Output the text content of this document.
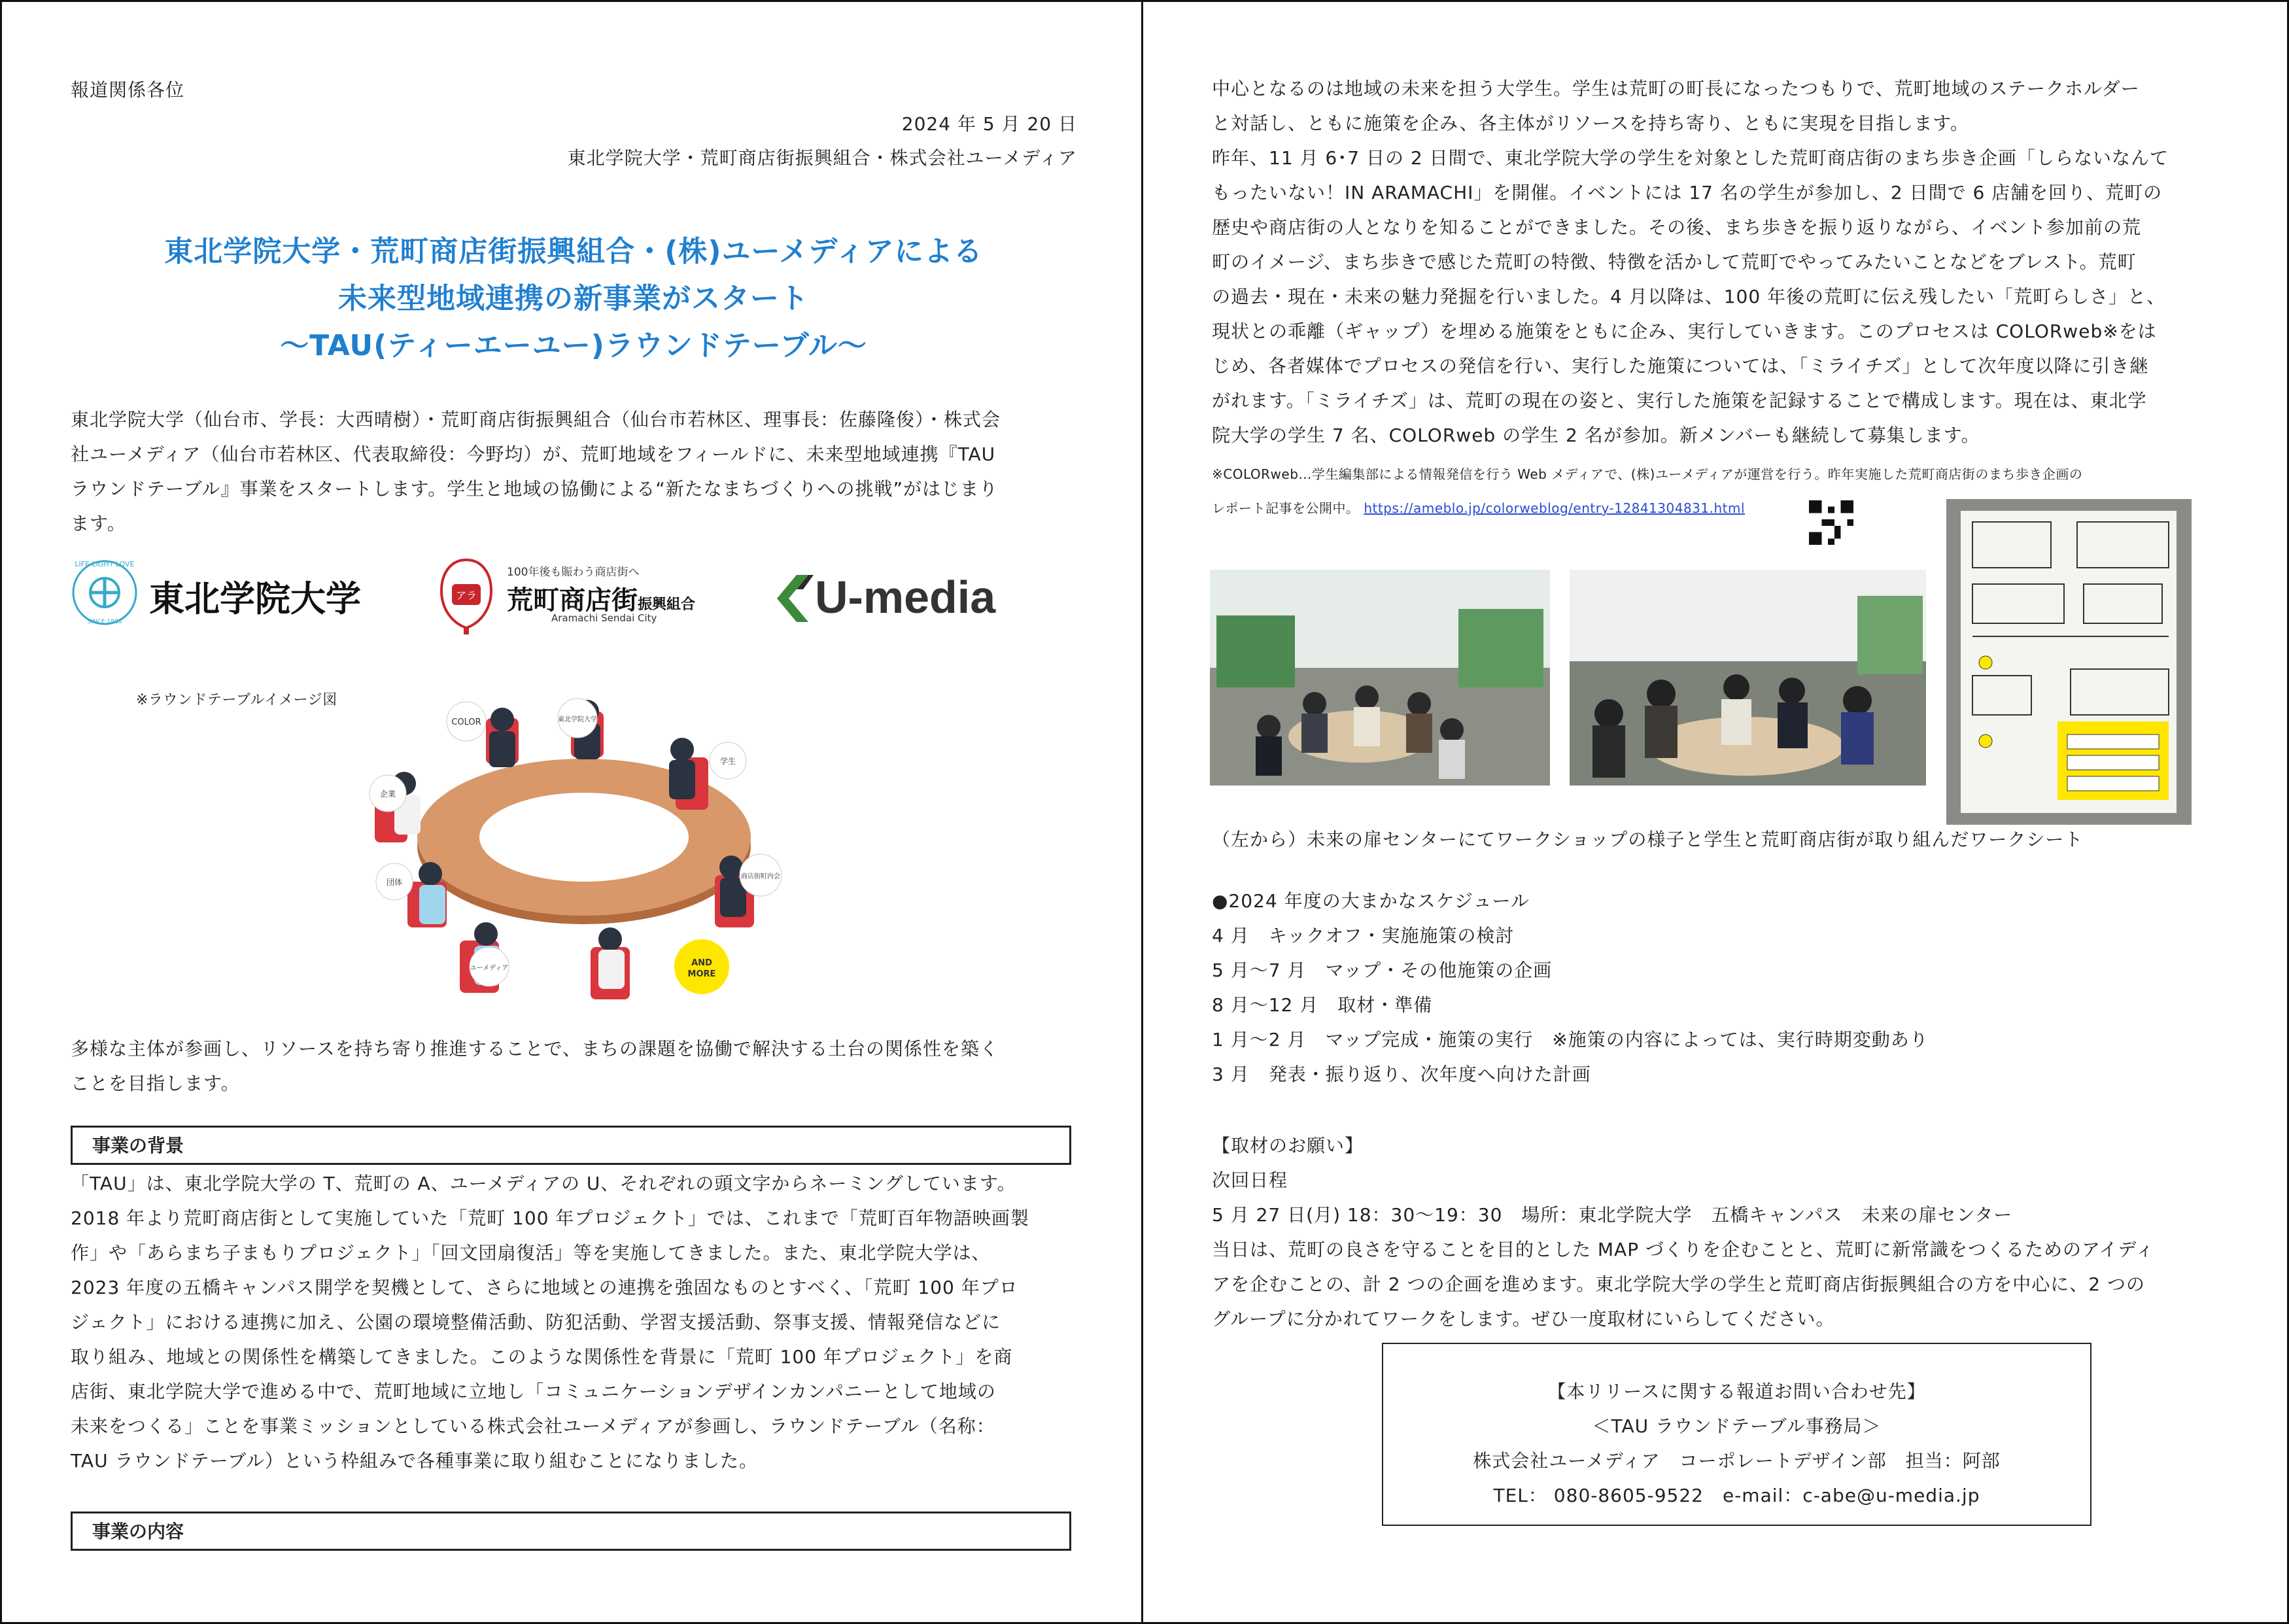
報道関係各位
2024 年 5 月 20 日
東北学院大学・荒町商店街振興組合・株式会社ユーメディア
東北学院大学・荒町商店街振興組合・(株)ユーメディアによる
未来型地域連携の新事業がスタート
〜TAU(ティーエーユー)ラウンドテーブル〜
東北学院大学（仙台市、学長：大西晴樹）・荒町商店街振興組合（仙台市若林区、理事長：佐藤隆俊）・株式会
社ユーメディア（仙台市若林区、代表取締役：今野均）が、荒町地域をフィールドに、未来型地域連携『TAU
ラウンドテーブル』事業をスタートします。学生と地域の協働による“新たなまちづくりへの挑戦”がはじまり
ます。
LIFE LIGHT LOVE
SINCE 1886
東北学院大学	アラ
100年後も賑わう商店街へ
荒町商店街振興組合
Aramachi Sendai City	U-media
※ラウンドテーブルイメージ図
COLOR	東北学院大学
学生
企業
団体
商店街町内会
ユーメディア
AND
MORE
多様な主体が参画し、リソースを持ち寄り推進することで、まちの課題を協働で解決する土台の関係性を築く
ことを目指します。
事業の背景
「TAU」は、東北学院大学の T、荒町の A、ユーメディアの U、それぞれの頭文字からネーミングしています。
2018 年より荒町商店街として実施していた「荒町 100 年プロジェクト」では、これまで「荒町百年物語映画製
作」や「あらまち子まもりプロジェクト」「回文団扇復活」等を実施してきました。また、東北学院大学は、
2023 年度の五橋キャンパス開学を契機として、さらに地域との連携を強固なものとすべく、「荒町 100 年プロ
ジェクト」における連携に加え、公園の環境整備活動、防犯活動、学習支援活動、祭事支援、情報発信などに
取り組み、地域との関係性を構築してきました。このような関係性を背景に「荒町 100 年プロジェクト」を商
店街、東北学院大学で進める中で、荒町地域に立地し「コミュニケーションデザインカンパニーとして地域の
未来をつくる」ことを事業ミッションとしている株式会社ユーメディアが参画し、ラウンドテーブル（名称：
TAU ラウンドテーブル）という枠組みで各種事業に取り組むことになりました。
事業の内容
中心となるのは地域の未来を担う大学生。学生は荒町の町長になったつもりで、荒町地域のステークホルダー
と対話し、ともに施策を企み、各主体がリソースを持ち寄り、ともに実現を目指します。
昨年、11 月 6･7 日の 2 日間で、東北学院大学の学生を対象とした荒町商店街のまち歩き企画「しらないなんて
もったいない！IN ARAMACHI」を開催。イベントには 17 名の学生が参加し、2 日間で 6 店舗を回り、荒町の
歴史や商店街の人となりを知ることができました。その後、まち歩きを振り返りながら、イベント参加前の荒
町のイメージ、まち歩きで感じた荒町の特徴、特徴を活かして荒町でやってみたいことなどをブレスト。荒町
の過去・現在・未来の魅力発掘を行いました。4 月以降は、100 年後の荒町に伝え残したい「荒町らしさ」と、
現状との乖離（ギャップ）を埋める施策をともに企み、実行していきます。このプロセスは COLORweb※をは
じめ、各者媒体でプロセスの発信を行い、実行した施策については、「ミライチズ」として次年度以降に引き継
がれます。「ミライチズ」は、荒町の現在の姿と、実行した施策を記録することで構成します。現在は、東北学
院大学の学生 7 名、COLORweb の学生 2 名が参加。新メンバーも継続して募集します。
※COLORweb…学生編集部による情報発信を行う Web メディアで、(株)ユーメディアが運営を行う。昨年実施した荒町商店街のまち歩き企画の
レポート記事を公開中。 https://ameblo.jp/colorweblog/entry-12841304831.html
（左から）未来の扉センターにてワークショップの様子と学生と荒町商店街が取り組んだワークシート
●2024 年度の大まかなスケジュール
4 月　キックオフ・実施施策の検討
5 月〜7 月　マップ・その他施策の企画
8 月〜12 月　取材・準備
1 月〜2 月　マップ完成・施策の実行　※施策の内容によっては、実行時期変動あり
3 月　発表・振り返り、次年度へ向けた計画
【取材のお願い】
次回日程
5 月 27 日(月) 18：30〜19：30　場所：東北学院大学　五橋キャンパス　未来の扉センター
当日は、荒町の良さを守ることを目的とした MAP づくりを企むことと、荒町に新常識をつくるためのアイディ
アを企むことの、計 2 つの企画を進めます。東北学院大学の学生と荒町商店街振興組合の方を中心に、2 つの
グループに分かれてワークをします。ぜひ一度取材にいらしてください。
【本リリースに関する報道お問い合わせ先】
＜TAU ラウンドテーブル事務局＞
株式会社ユーメディア　コーポレートデザイン部　担当：阿部
TEL： 080-8605-9522　e-mail：c-abe@u-media.jp
